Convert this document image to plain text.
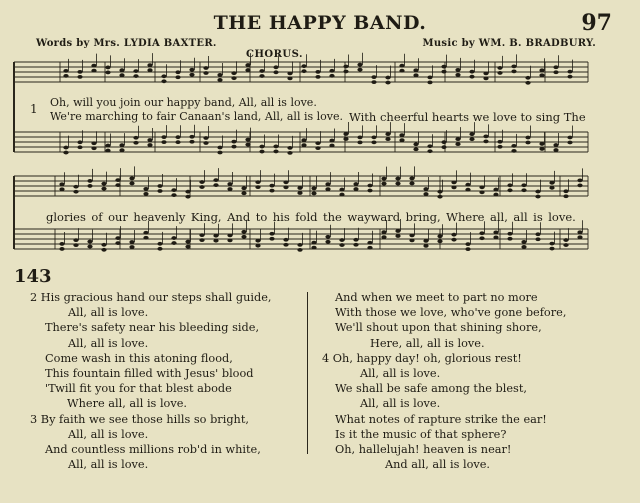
THE HAPPY BAND.	97
Words by Mrs. LYDIA BAXTER.	Music by WM. B. BRADBURY.
CHORUS.
1 Oh, will you join our happy band, All, all is love.
We're marching to fair Canaan's land, All, all is love. With cheerful hearts we love to sing The
glories of our heavenly King, And to his fold the wayward bring, Where all, all is love.
143
2 His gracious hand our steps shall guide,
All, all is love.
There's safety near his bleeding side,
All, all is love.
Come wash in this atoning flood,
This fountain filled with Jesus' blood
'Twill fit you for that blest abode
Where all, all is love.
3 By faith we see those hills so bright,
All, all is love.
And countless millions rob'd in white,
All, all is love.
And when we meet to part no more
With those we love, who've gone before,
We'll shout upon that shining shore,
Here, all, all is love.
4 Oh, happy day! oh, glorious rest!
All, all is love.
We shall be safe among the blest,
All, all is love.
What notes of rapture strike the ear!
Is it the music of that sphere?
Oh, hallelujah! heaven is near!
And all, all is love.
